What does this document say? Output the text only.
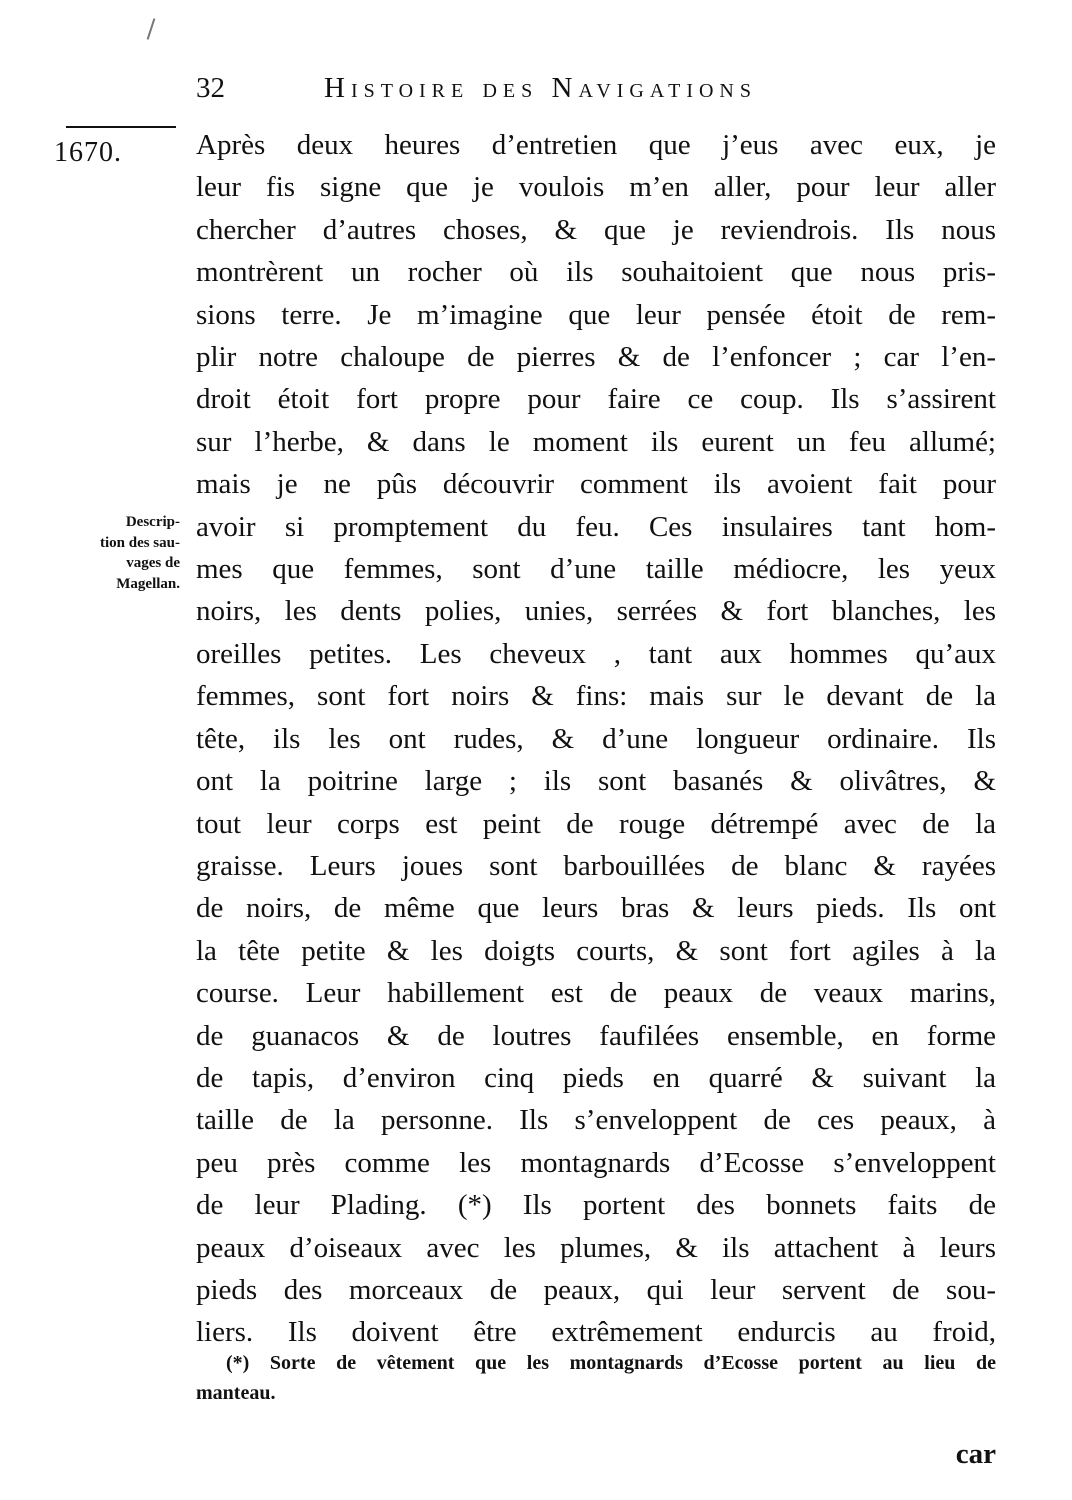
32	Histoire des Navigations
1670.
Descrip-
tion des sau-
vages de
Magellan.
Après deux heures d’entretien que j’eus avec eux, je
leur fis signe que je voulois m’en aller, pour leur aller
chercher d’autres choses, & que je reviendrois. Ils nous
montrèrent un rocher où ils souhaitoient que nous pris-
sions terre. Je m’imagine que leur pensée étoit de rem-
plir notre chaloupe de pierres & de l’enfoncer ; car l’en-
droit étoit fort propre pour faire ce coup. Ils s’assirent
sur l’herbe, & dans le moment ils eurent un feu allumé;
mais je ne pûs découvrir comment ils avoient fait pour
avoir si promptement du feu. Ces insulaires tant hom-
mes que femmes, sont d’une taille médiocre, les yeux
noirs, les dents polies, unies, serrées & fort blanches, les
oreilles petites. Les cheveux , tant aux hommes qu’aux
femmes, sont fort noirs & fins: mais sur le devant de la
tête, ils les ont rudes, & d’une longueur ordinaire. Ils
ont la poitrine large ; ils sont basanés & olivâtres, &
tout leur corps est peint de rouge détrempé avec de la
graisse. Leurs joues sont barbouillées de blanc & rayées
de noirs, de même que leurs bras & leurs pieds. Ils ont
la tête petite & les doigts courts, & sont fort agiles à la
course. Leur habillement est de peaux de veaux marins,
de guanacos & de loutres faufilées ensemble, en forme
de tapis, d’environ cinq pieds en quarré & suivant la
taille de la personne. Ils s’enveloppent de ces peaux, à
peu près comme les montagnards d’Ecosse s’enveloppent
de leur Plading. (*) Ils portent des bonnets faits de
peaux d’oiseaux avec les plumes, & ils attachent à leurs
pieds des morceaux de peaux, qui leur servent de sou-
liers. Ils doivent être extrêmement endurcis au froid,
(*) Sorte de vêtement que les montagnards d’Ecosse portent au lieu de
manteau.
car
